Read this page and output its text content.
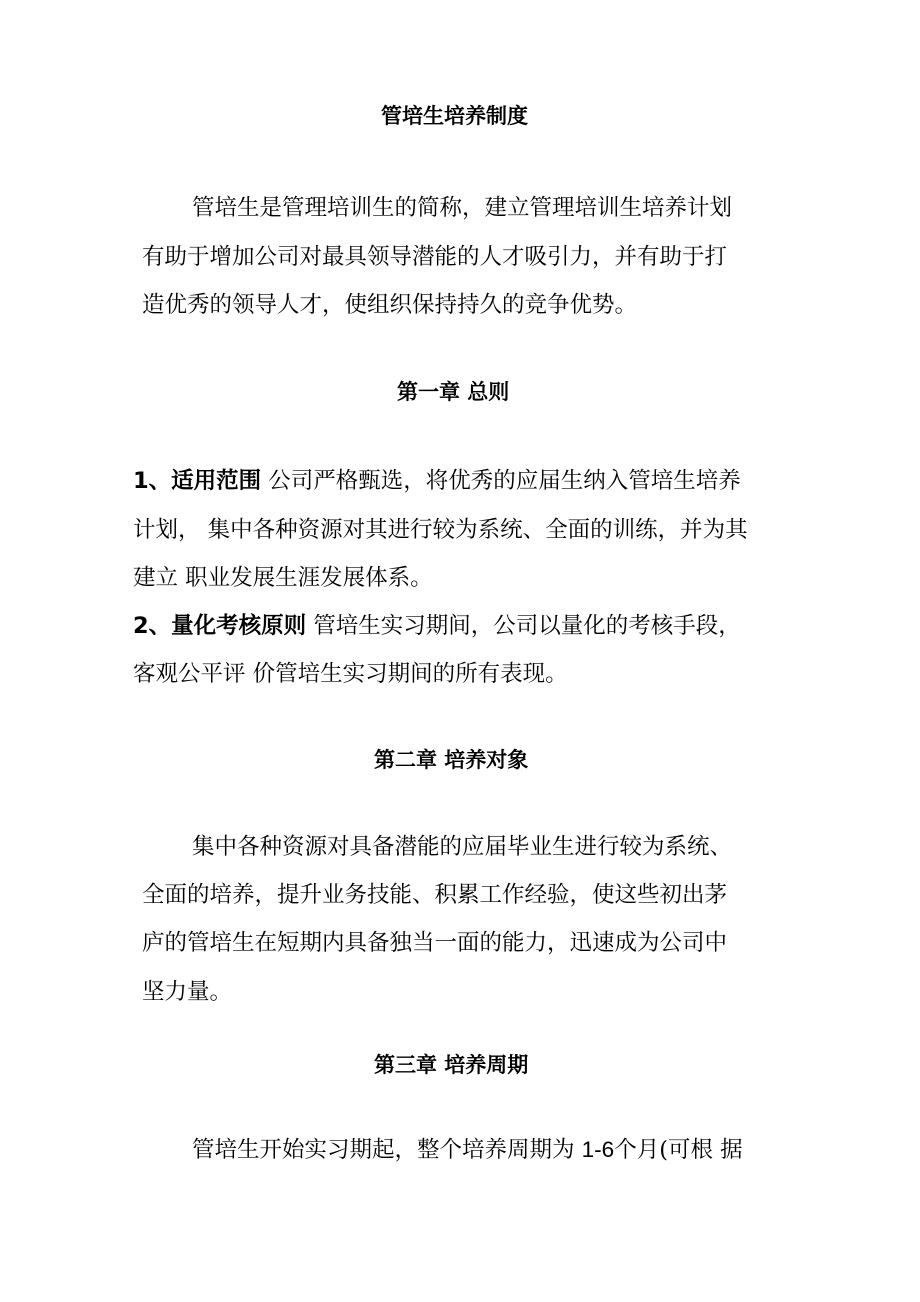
管培生培养制度
管培生是管理培训生的简称，建立管理培训生培养计划
有助于增加公司对最具领导潜能的人才吸引力，并有助于打
造优秀的领导人才，使组织保持持久的竞争优势。
第一章 总则
1、适用范围 公司严格甄选，将优秀的应届生纳入管培生培养
计划， 集中各种资源对其进行较为系统、全面的训练，并为其
建立 职业发展生涯发展体系。
2、量化考核原则 管培生实习期间，公司以量化的考核手段，
客观公平评 价管培生实习期间的所有表现。
第二章 培养对象
集中各种资源对具备潜能的应届毕业生进行较为系统、
全面的培养，提升业务技能、积累工作经验，使这些初出茅
庐的管培生在短期内具备独当一面的能力，迅速成为公司中
坚力量。
第三章 培养周期
管培生开始实习期起，整个培养周期为 1-6个月(可根 据
